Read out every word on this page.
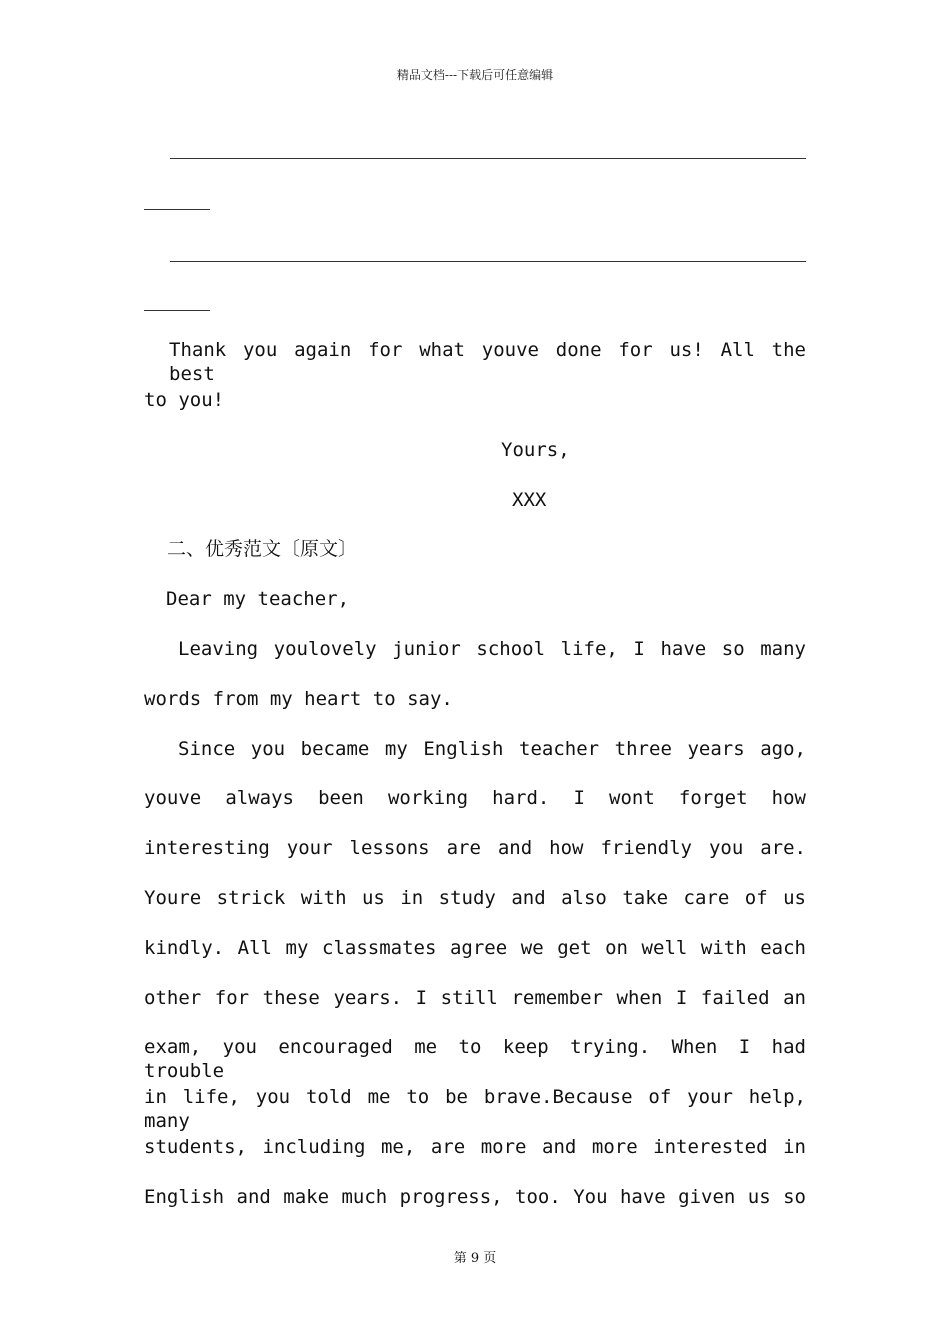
精品文档---下载后可任意编辑
Thank you again for what youve done for us! All the best
to you!
Yours,
XXX
二、优秀范文〔原文〕
Dear my teacher,
Leaving youlovely junior school life, I have so many
words from my heart to say.
Since you became my English teacher three years ago,
youve always been working hard. I wont forget how
interesting your lessons are and how friendly you are.
Youre strick with us in study and also take care of us
kindly. All my classmates agree we get on well with each
other for these years. I still remember when I failed an
exam, you encouraged me to keep trying. When I had trouble
in life, you told me to be brave.Because of your help, many
students, including me, are more and more interested in
English and make much progress, too. You have given us so
第 9 页
